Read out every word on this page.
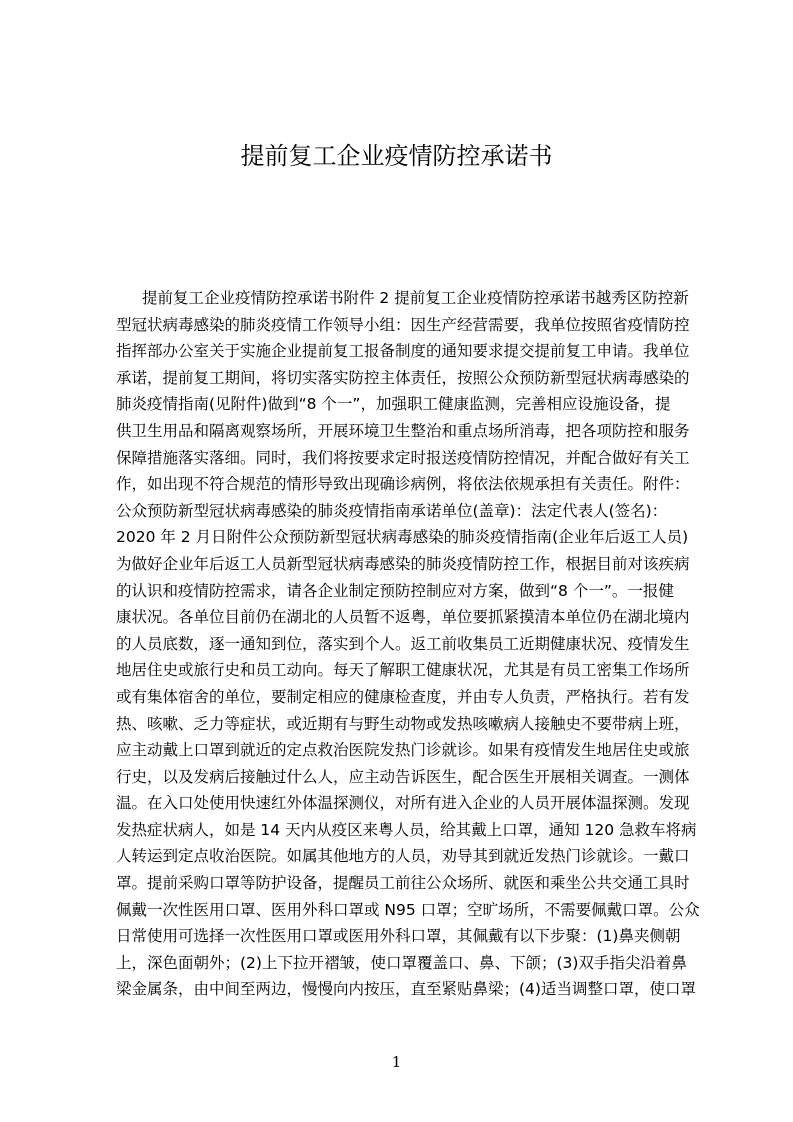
提前复工企业疫情防控承诺书
提前复工企业疫情防控承诺书附件 2 提前复工企业疫情防控承诺书越秀区防控新
型冠状病毒感染的肺炎疫情工作领导小组：因生产经营需要，我单位按照省疫情防控
指挥部办公室关于实施企业提前复工报备制度的通知要求提交提前复工申请。我单位
承诺，提前复工期间，将切实落实防控主体责任，按照公众预防新型冠状病毒感染的
肺炎疫情指南(见附件)做到“8 个一”，加强职工健康监测，完善相应设施设备，提
供卫生用品和隔离观察场所，开展环境卫生整治和重点场所消毒，把各项防控和服务
保障措施落实落细。同时，我们将按要求定时报送疫情防控情况，并配合做好有关工
作，如出现不符合规范的情形导致出现确诊病例，将依法依规承担有关责任。附件：
公众预防新型冠状病毒感染的肺炎疫情指南承诺单位(盖章)：法定代表人(签名)：
2020 年 2 月日附件公众预防新型冠状病毒感染的肺炎疫情指南(企业年后返工人员)
为做好企业年后返工人员新型冠状病毒感染的肺炎疫情防控工作，根据目前对该疾病
的认识和疫情防控需求，请各企业制定预防控制应对方案，做到“8 个一”。一报健
康状况。各单位目前仍在湖北的人员暂不返粤，单位要抓紧摸清本单位仍在湖北境内
的人员底数，逐一通知到位，落实到个人。返工前收集员工近期健康状况、疫情发生
地居住史或旅行史和员工动向。每天了解职工健康状况，尤其是有员工密集工作场所
或有集体宿舍的单位，要制定相应的健康检查度，并由专人负责，严格执行。若有发
热、咳嗽、乏力等症状，或近期有与野生动物或发热咳嗽病人接触史不要带病上班，
应主动戴上口罩到就近的定点救治医院发热门诊就诊。如果有疫情发生地居住史或旅
行史，以及发病后接触过什么人，应主动告诉医生，配合医生开展相关调查。一测体
温。在入口处使用快速红外体温探测仪，对所有进入企业的人员开展体温探测。发现
发热症状病人，如是 14 天内从疫区来粤人员，给其戴上口罩，通知 120 急救车将病
人转运到定点收治医院。如属其他地方的人员，劝导其到就近发热门诊就诊。一戴口
罩。提前采购口罩等防护设备，提醒员工前往公众场所、就医和乘坐公共交通工具时
佩戴一次性医用口罩、医用外科口罩或 N95 口罩；空旷场所，不需要佩戴口罩。公众
日常使用可选择一次性医用口罩或医用外科口罩，其佩戴有以下步聚：(1)鼻夹侧朝
上，深色面朝外；(2)上下拉开褶皱，使口罩覆盖口、鼻、下颌；(3)双手指尖沿着鼻
梁金属条，由中间至两边，慢慢向内按压，直至紧贴鼻梁；(4)适当调整口罩，使口罩
1
